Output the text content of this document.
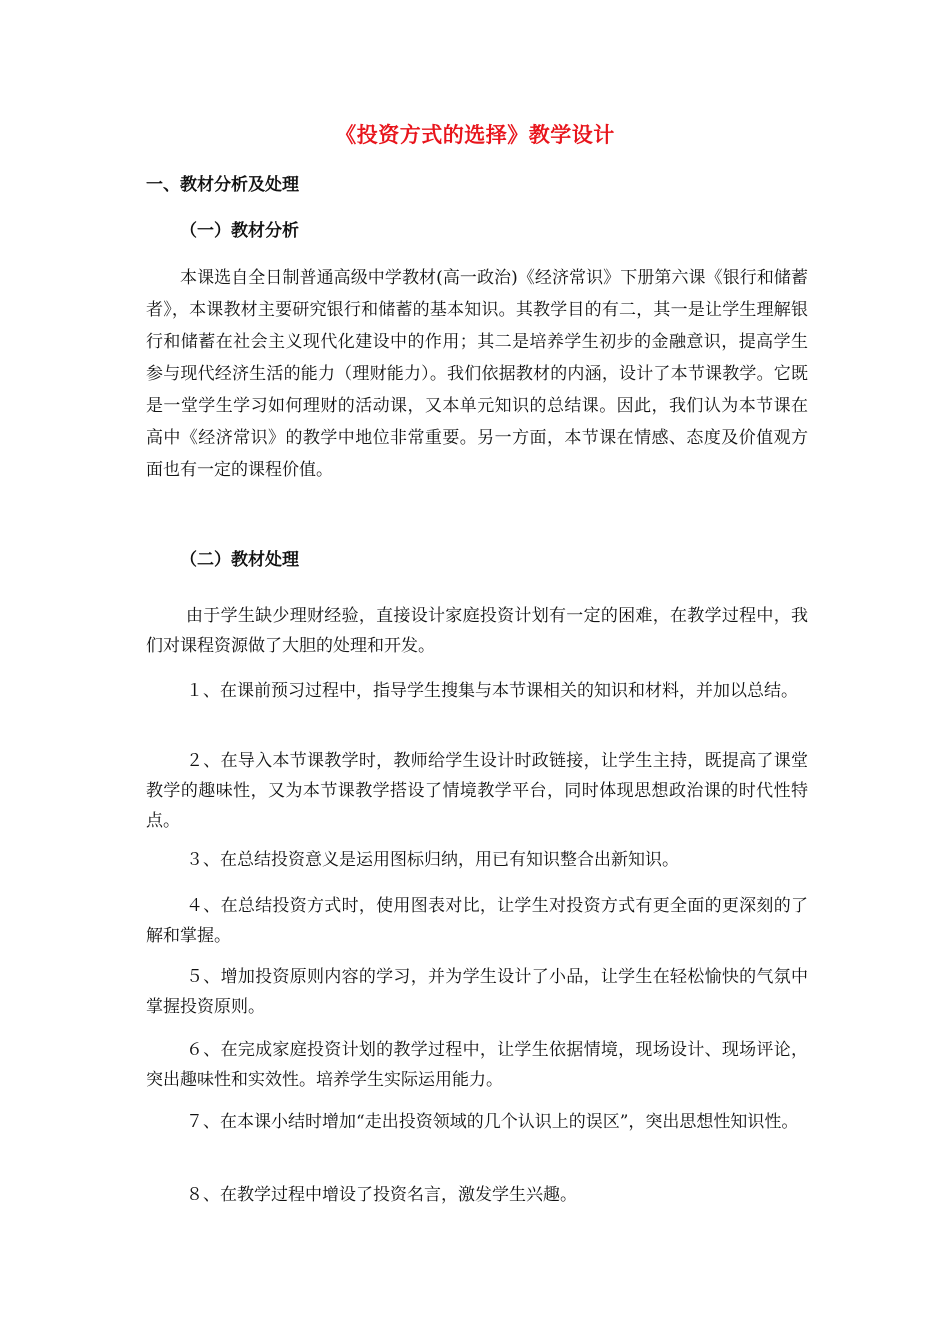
《投资方式的选择》教学设计
一、教材分析及处理
（一）教材分析
本课选自全日制普通高级中学教材(高一政治)《经济常识》下册第六课《银行和储蓄者》，本课教材主要研究银行和储蓄的基本知识。其教学目的有二，其一是让学生理解银行和储蓄在社会主义现代化建设中的作用；其二是培养学生初步的金融意识，提高学生参与现代经济生活的能力（理财能力）。我们依据教材的内涵，设计了本节课教学。它既是一堂学生学习如何理财的活动课，又本单元知识的总结课。因此，我们认为本节课在高中《经济常识》的教学中地位非常重要。另一方面，本节课在情感、态度及价值观方面也有一定的课程价值。
（二）教材处理
由于学生缺少理财经验，直接设计家庭投资计划有一定的困难，在教学过程中，我们对课程资源做了大胆的处理和开发。
１、在课前预习过程中，指导学生搜集与本节课相关的知识和材料，并加以总结。
２、在导入本节课教学时，教师给学生设计时政链接，让学生主持，既提高了课堂教学的趣味性，又为本节课教学搭设了情境教学平台，同时体现思想政治课的时代性特点。
３、在总结投资意义是运用图标归纳，用已有知识整合出新知识。
４、在总结投资方式时，使用图表对比，让学生对投资方式有更全面的更深刻的了解和掌握。
５、增加投资原则内容的学习，并为学生设计了小品，让学生在轻松愉快的气氛中掌握投资原则。
６、在完成家庭投资计划的教学过程中，让学生依据情境，现场设计、现场评论，突出趣味性和实效性。培养学生实际运用能力。
７、在本课小结时增加“走出投资领域的几个认识上的误区”，突出思想性知识性。
８、在教学过程中增设了投资名言，激发学生兴趣。
